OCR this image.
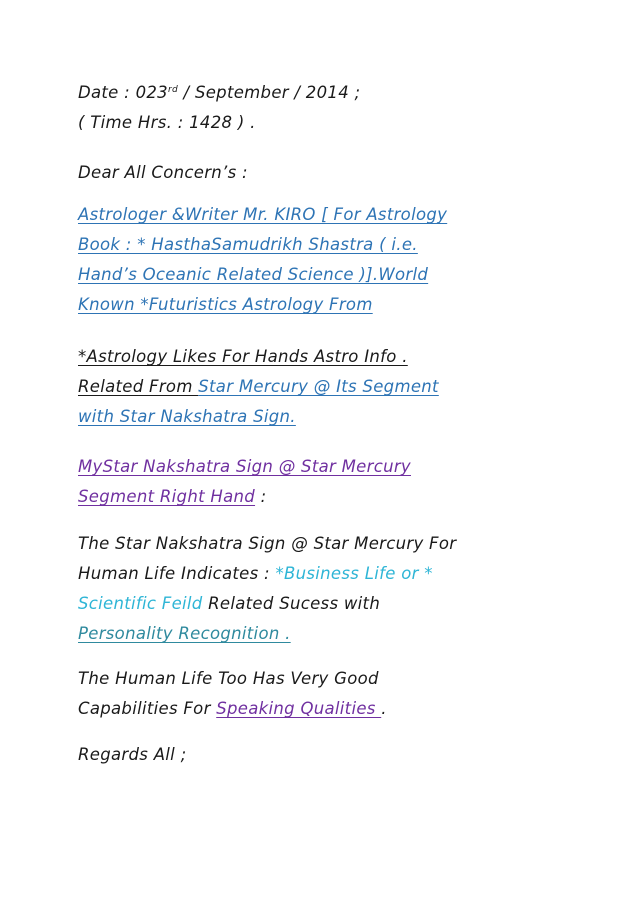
Date : 023rd / September / 2014 ;
( Time Hrs. : 1428 ) .
Dear All Concern’s :
Astrologer &Writer Mr. KIRO [ For Astrology
Book : * HasthaSamudrikh Shastra ( i.e.
Hand’s Oceanic Related Science )].World
Known *Futuristics Astrology From
*Astrology Likes For Hands Astro Info .
Related From Star Mercury @ Its Segment
with Star Nakshatra Sign.
MyStar Nakshatra Sign @ Star Mercury
Segment Right Hand :
The Star Nakshatra Sign @ Star Mercury For
Human Life Indicates : *Business Life or *
Scientific Feild Related Sucess with
Personality Recognition .
The Human Life Too Has Very Good
Capabilities For Speaking Qualities .
Regards All ;
